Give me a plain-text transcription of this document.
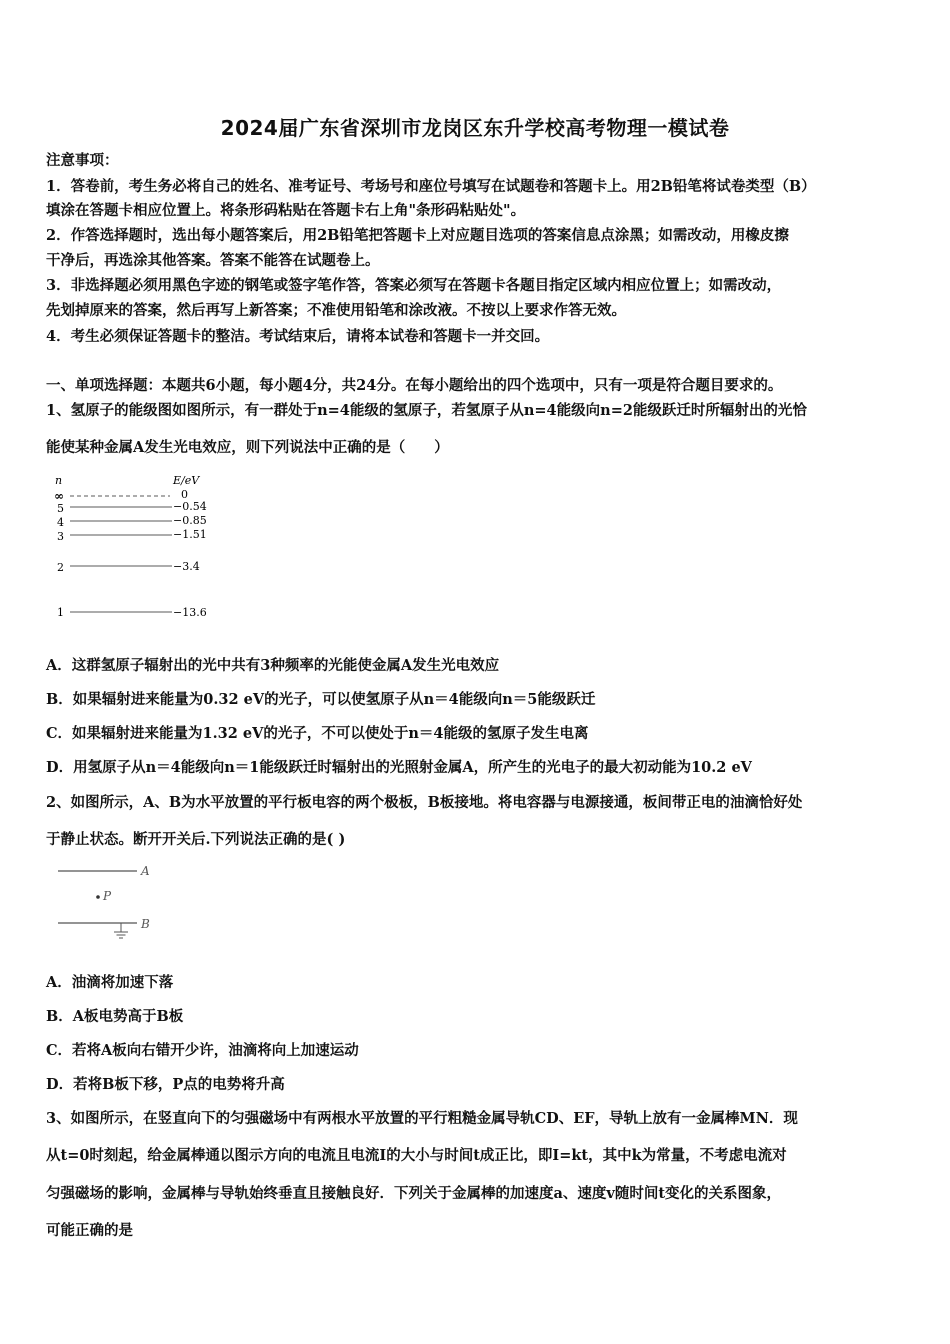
2024届广东省深圳市龙岗区东升学校高考物理一模试卷
注意事项：
1．答卷前，考生务必将自己的姓名、准考证号、考场号和座位号填写在试题卷和答题卡上。用2B铅笔将试卷类型（B）
填涂在答题卡相应位置上。将条形码粘贴在答题卡右上角"条形码粘贴处"。
2．作答选择题时，选出每小题答案后，用2B铅笔把答题卡上对应题目选项的答案信息点涂黑；如需改动，用橡皮擦
干净后，再选涂其他答案。答案不能答在试题卷上。
3．非选择题必须用黑色字迹的钢笔或签字笔作答，答案必须写在答题卡各题目指定区域内相应位置上；如需改动，
先划掉原来的答案，然后再写上新答案；不准使用铅笔和涂改液。不按以上要求作答无效。
4．考生必须保证答题卡的整洁。考试结束后，请将本试卷和答题卡一并交回。
一、单项选择题：本题共6小题，每小题4分，共24分。在每小题给出的四个选项中，只有一项是符合题目要求的。
1、氢原子的能级图如图所示，有一群处于n=4能级的氢原子，若氢原子从n=4能级向n=2能级跃迁时所辐射出的光恰
能使某种金属A发生光电效应，则下列说法中正确的是（　　）
n	E/eV
∞	0
5	−0.54
4	−0.85
3	−1.51
2	−3.4
1	−13.6
A．这群氢原子辐射出的光中共有3种频率的光能使金属A发生光电效应
B．如果辐射进来能量为0.32 eV的光子，可以使氢原子从n＝4能级向n＝5能级跃迁
C．如果辐射进来能量为1.32 eV的光子，不可以使处于n＝4能级的氢原子发生电离
D．用氢原子从n＝4能级向n＝1能级跃迁时辐射出的光照射金属A，所产生的光电子的最大初动能为10.2 eV
2、如图所示，A、B为水平放置的平行板电容的两个极板，B板接地。将电容器与电源接通，板间带正电的油滴恰好处
于静止状态。断开开关后.下列说法正确的是( )
A
P
B
A．油滴将加速下落
B．A板电势高于B板
C．若将A板向右错开少许，油滴将向上加速运动
D．若将B板下移，P点的电势将升高
3、如图所示，在竖直向下的匀强磁场中有两根水平放置的平行粗糙金属导轨CD、EF，导轨上放有一金属棒MN．现
从t=0时刻起，给金属棒通以图示方向的电流且电流I的大小与时间t成正比，即I=kt，其中k为常量，不考虑电流对
匀强磁场的影响，金属棒与导轨始终垂直且接触良好．下列关于金属棒的加速度a、速度v随时间t变化的关系图象，
可能正确的是
